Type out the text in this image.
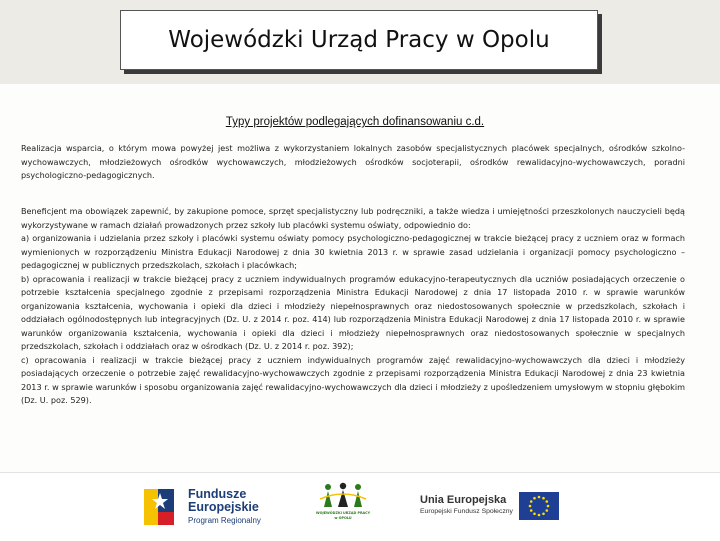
Wojewódzki Urząd Pracy w Opolu
Typy projektów podlegających dofinansowaniu c.d.
Realizacja wsparcia, o którym mowa powyżej jest możliwa z wykorzystaniem lokalnych zasobów specjalistycznych placówek specjalnych, ośrodków szkolno-wychowawczych, młodzieżowych ośrodków wychowawczych, młodzieżowych ośrodków socjoterapii, ośrodków rewalidacyjno-wychowawczych, poradni psychologiczno-pedagogicznych.
Beneficjent ma obowiązek zapewnić, by zakupione pomoce, sprzęt specjalistyczny lub podręczniki, a także wiedza i umiejętności przeszkolonych nauczycieli będą wykorzystywane w ramach działań prowadzonych przez szkoły lub placówki systemu oświaty, odpowiednio do:
a) organizowania i udzielania przez szkoły i placówki systemu oświaty pomocy psychologiczno-pedagogicznej w trakcie bieżącej pracy z uczniem oraz w formach wymienionych w rozporządzeniu Ministra Edukacji Narodowej z dnia 30 kwietnia 2013 r. w sprawie zasad udzielania i organizacji pomocy psychologiczno – pedagogicznej w publicznych przedszkolach, szkołach i placówkach;
b) opracowania i realizacji w trakcie bieżącej pracy z uczniem indywidualnych programów edukacyjno-terapeutycznych dla uczniów posiadających orzeczenie o potrzebie kształcenia specjalnego zgodnie z przepisami rozporządzenia Ministra Edukacji Narodowej z dnia 17 listopada 2010 r. w sprawie warunków organizowania kształcenia, wychowania i opieki dla dzieci i młodzieży niepełnosprawnych oraz niedostosowanych społecznie w przedszkolach, szkołach i oddziałach ogólnodostępnych lub integracyjnych (Dz. U. z 2014 r. poz. 414) lub rozporządzenia Ministra Edukacji Narodowej z dnia 17 listopada 2010 r. w sprawie warunków organizowania kształcenia, wychowania i opieki dla dzieci i młodzieży niepełnosprawnych oraz niedostosowanych społecznie w specjalnych przedszkolach, szkołach i oddziałach oraz w ośrodkach (Dz. U. z 2014 r. poz. 392);
c) opracowania i realizacji w trakcie bieżącej pracy z uczniem indywidualnych programów zajęć rewalidacyjno-wychowawczych dla dzieci i młodzieży posiadających orzeczenie o potrzebie zajęć rewalidacyjno-wychowawczych zgodnie z przepisami rozporządzenia Ministra Edukacji Narodowej z dnia 23 kwietnia 2013 r. w sprawie warunków i sposobu organizowania zajęć rewalidacyjno-wychowawczych dla dzieci i młodzieży z upośledzeniem umysłowym w stopniu głębokim (Dz. U. poz. 529).
Fundusze
Europejskie
Program Regionalny
WOJEWÓDZKI URZĄD PRACY
w OPOLU
Unia Europejska
Europejski Fundusz Społeczny
